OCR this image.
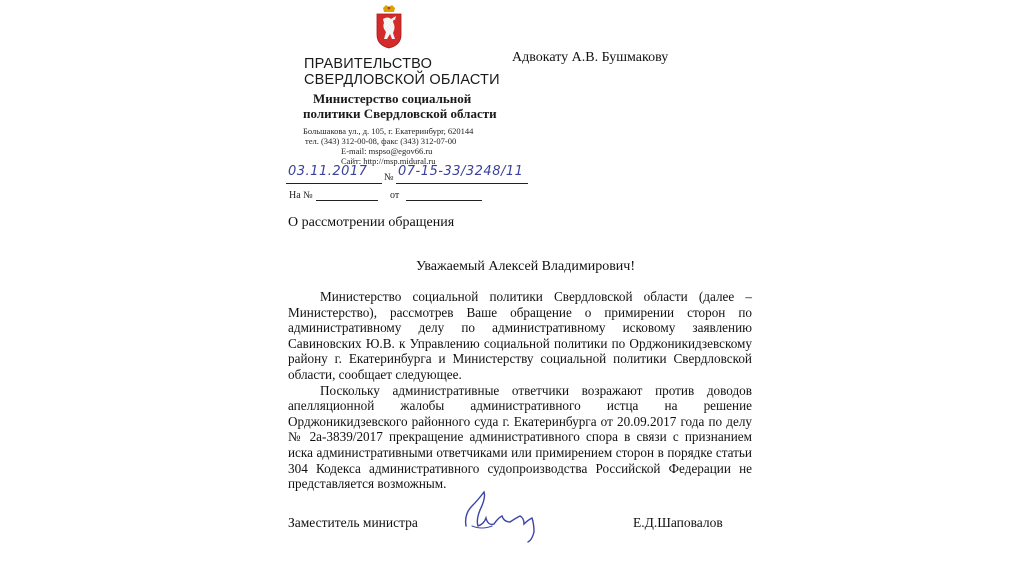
ПРАВИТЕЛЬСТВО
СВЕРДЛОВСКОЙ ОБЛАСТИ
Министерство социальной
политики Свердловской области
Большакова ул., д. 105, г. Екатеринбург, 620144
тел. (343) 312-00-08, факс (343) 312-07-00
E-mail: mspso@egov66.ru
Сайт: http://msp.midural.ru
03.11.2017 № 07-15-33/3248/11
На №	от
Адвокату А.В. Бушмакову
О рассмотрении обращения
Уважаемый Алексей Владимирович!

Министерство социальной политики Свердловской области (далее – Министерство), рассмотрев Ваше обращение о примирении сторон по административному делу по административному исковому заявлению Савиновских Ю.В. к Управлению социальной политики по Орджоникидзевскому району г. Екатеринбурга и Министерству социальной политики Свердловской области, сообщает следующее.

Поскольку административные ответчики возражают против доводов апелляционной жалобы административного истца на решение Орджоникидзевского районного суда г. Екатеринбурга от 20.09.2017 года по делу № 2а-3839/2017 прекращение административного спора в связи с признанием иска административными ответчиками или примирением сторон в порядке статьи 304 Кодекса административного судопроизводства Российской Федерации не представляется возможным.

Заместитель министра	Е.Д.Шаповалов
